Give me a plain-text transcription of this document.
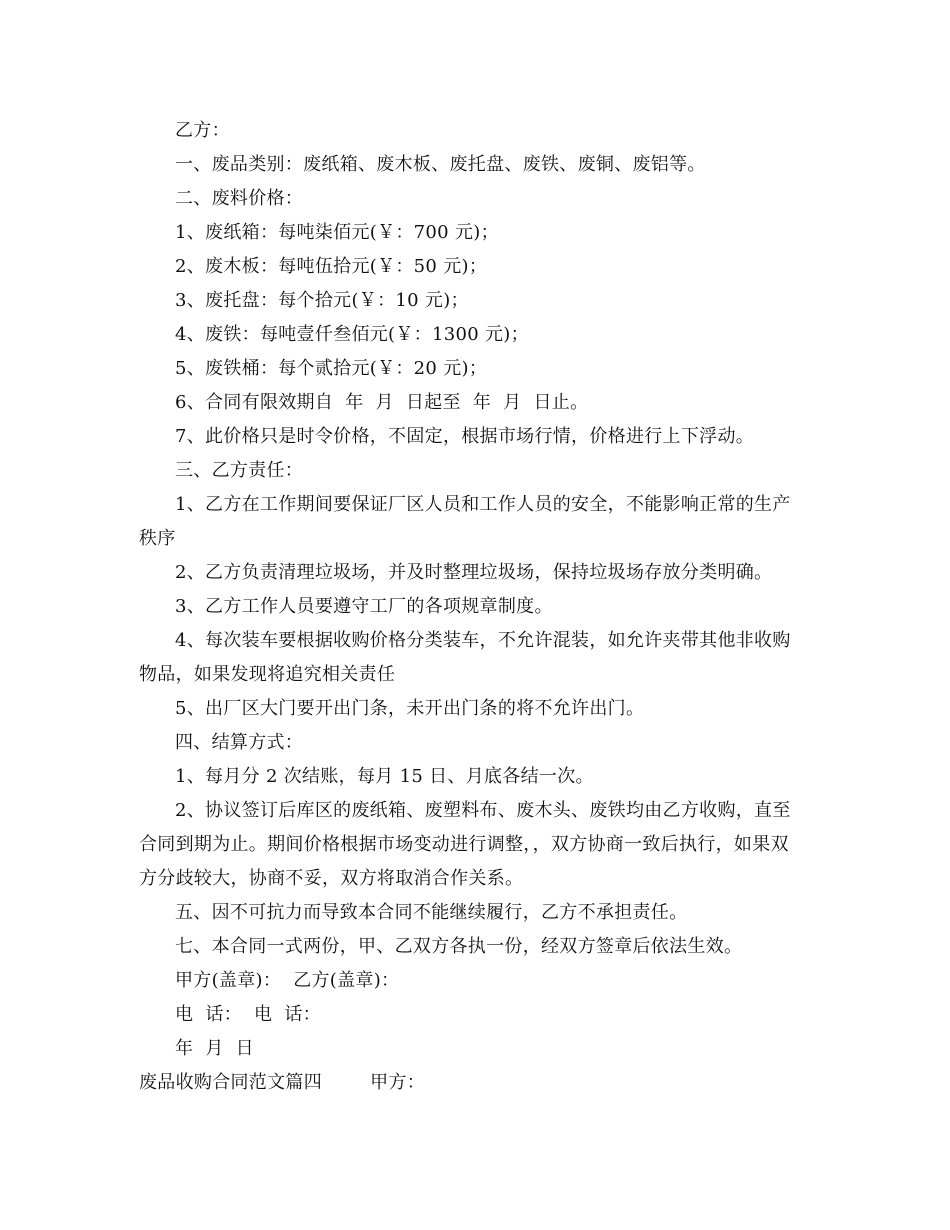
乙方：
一、废品类别：废纸箱、废木板、废托盘、废铁、废铜、废铝等。
二、废料价格：
1、废纸箱：每吨柒佰元(￥：700 元)；
2、废木板：每吨伍拾元(￥：50 元)；
3、废托盘：每个拾元(￥：10 元)；
4、废铁：每吨壹仟叁佰元(￥：1300 元)；
5、废铁桶：每个贰拾元(￥：20 元)；
6、合同有限效期自  年  月  日起至  年  月  日止。
7、此价格只是时令价格，不固定，根据市场行情，价格进行上下浮动。
三、乙方责任：
1、乙方在工作期间要保证厂区人员和工作人员的安全，不能影响正常的生产
秩序
2、乙方负责清理垃圾场，并及时整理垃圾场，保持垃圾场存放分类明确。
3、乙方工作人员要遵守工厂的各项规章制度。
4、每次装车要根据收购价格分类装车，不允许混装，如允许夹带其他非收购
物品，如果发现将追究相关责任
5、出厂区大门要开出门条，未开出门条的将不允许出门。
四、结算方式：
1、每月分 2 次结账，每月 15 日、月底各结一次。
2、协议签订后库区的废纸箱、废塑料布、废木头、废铁均由乙方收购，直至
合同到期为止。期间价格根据市场变动进行调整，，双方协商一致后执行，如果双
方分歧较大，协商不妥，双方将取消合作关系。
五、因不可抗力而导致本合同不能继续履行，乙方不承担责任。
七、本合同一式两份，甲、乙双方各执一份，经双方签章后依法生效。
甲方(盖章)：  乙方(盖章)：
电  话：  电  话：
年  月  日
废品收购合同范文篇四        甲方：
